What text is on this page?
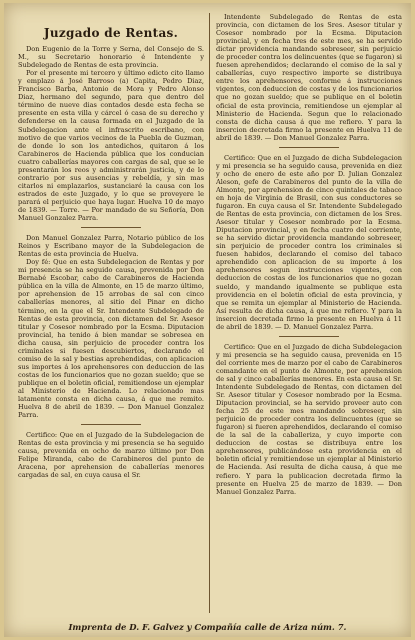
Juzgado de Rentas.

Don Eugenio de la Torre y Serna, del Consejo de S. M., su Secretario honorario é Intendente y Subdelegado de Rentas de esta provincia.

Por el presente mi tercero y último edicto cito llamo y emplazo á José Barroso (a) Capita, Pedro Diaz, Francisco Barba, Antonio de Mora y Pedro Alonso Diaz, hermano del segundo, para que dentro del término de nueve dias contados desde esta fecha se presente en esta villa y cárcel ó casa de su derecho y defenderse en la causa formada en el Juzgado de la Subdelegacion ante el infrascrito escribano, con motivo de que varios vecinos de la Puebla de Guzman, de donde lo son los antedichos, quitaron á los Carabineros de Hacienda pública que los conducian cuatro caballerías mayores con cargas de sal, que se le presentarán los reos y administrarán justicia, y de lo contrario por sus ausencias y rebeldía, y sin mas citarlos ni emplazarlos, sustanciaré la causa con los estrados de este Juzgado, y lo que se proveyere le parará el perjuicio que haya lugar. Huelva 10 de mayo de 1839. — Torre. — Por mandado de su Señoría, Don Manuel Gonzalez Parra.

Don Manuel Gonzalez Parra, Notario público de los Reinos y Escribano mayor de la Subdelegacion de Rentas de esta provincia de Huelva.

Doy fé: Que en esta Subdelegacion de Rentas y por mi presencia se ha seguido causa, prevenida por Don Bernabé Escobar, cabo de Carabineros de Hacienda pública en la villa de Almonte, en 15 de marzo último, por aprehension de 15 arrobas de sal con cinco caballerías menores, al sitio del Pinar en dicho término, en la que el Sr. Intendente Subdelegado de Rentas de esta provincia, con dictamen del Sr. Asesor titular y Cosesor nombrado por la Ecsma. Diputacion provincial, ha tenido á bien mandar se sobresea en dicha causa, sin perjuicio de proceder contra los criminales si fuesen descubiertos, declarando el comiso de la sal y bestias aprehendidas, con aplicacion sus importes á los aprehensores con deduccion de las costas de los funcionarios que no gozan sueldo; que se publique en el boletin oficial, remitiendose un ejemplar al Ministerio de Hacienda. Lo relacionado mas latamente consta en dicha causa, á que me remito. Huelva 8 de abril de 1839. — Don Manuel Gonzalez Parra.

Certifico: Que en el Juzgado de la Subdelegacion de Rentas de esta provincia y mi presencia se ha seguido causa, prevenida en ocho de marzo último por Don Felipe Miranda, cabo de Carabineros del punto de Aracena, por aprehension de caballerías menores cargadas de sal, en cuya causa el Sr.

Intendente Subdelegado de Rentas de esta provincia, con dictamen de los Sres. Asesor titular y Cosesor nombrado por la Ecsma. Diputacion provincial, y en fecha tres de este mes, se ha servido dictar providencia mandando sobreseer, sin perjuicio de proceder contra los delincuentes (que se fugaron) si fuesen aprehendidos; declarando el comiso de la sal y caballerías, cuyo respectivo importe se distribuya entre los aprehensores, conforme á instrucciones vigentes, con deduccion de costas y de los funcionarios que no gozan sueldo; que se publique en el boletin oficial de esta provincia, remitiendose un ejemplar al Ministerio de Hacienda. Segun que lo relacionado consta de dicha causa á que me refiero. Y para la insercion decretada firmo la presente en Huelva 11 de abril de 1839. — Don Manuel Gonzalez Parra.

Certifico: Que en el Juzgado de dicha Subdelegacion y mi presencia se ha seguido causa, prevenida en diez y ocho de enero de este año por D. Julian Gonzalez Aleson, gefe de Carabineros del punto de la villa de Almonte, por aprehension de cinco quintales de tabaco en hoja de Virginia de Brasil, con sus conductores se fugaron. En cuya causa el Sr. Intendente Subdelegado de Rentas de esta provincia, con dictamen de los Sres. Asesor titular y Cosesor nombrado por la Ecsma. Diputacion provincial, y en fecha cuatro del corriente, se ha servido dictar providencia mandando sobreseer, sin perjuicio de proceder contra los criminales si fuesen habidos, declarando el comiso del tabaco aprehendido con aplicacion de su importe á los aprehensores segun instrucciones vigentes, con deduccion de costas de los funcionarios que no gozan sueldo, y mandando igualmente se publique esta providencia en el boletin oficial de esta provincia, y que se remita un ejemplar al Ministerio de Hacienda. Así resulta de dicha causa, á que me refiero. Y para la insercion decretada firmo la presente en Huelva á 11 de abril de 1839. — D. Manuel Gonzalez Parra.

Certifico: Que en el Juzgado de dicha Subdelegacion y mi presencia se ha seguido causa, prevenida en 15 del corriente mes de marzo por el cabo de Carabineros comandante en el punto de Almonte, por aprehension de sal y cinco caballerías menores. En esta causa el Sr. Intendente Subdelegado de Rentas, con dictamen del Sr. Asesor titular y Cosesor nombrado por la Ecsma. Diputacion provincial, se ha servido proveer auto con fecha 25 de este mes mandando sobreseer, sin perjuicio de proceder contra los delincuentes (que se fugaron) si fueren aprehendidos, declarando el comiso de la sal de la caballeriza, y cuyo importe con deduccion de costas se distribuya entre los aprehensores, publicándose esta providencia en el boletin oficial y remitiendose un ejemplar al Ministerio de Hacienda. Así resulta de dicha causa, á que me refiero. Y para la publicacion decretada firmo la presente en Huelva 25 de marzo de 1839. — Don Manuel Gonzalez Parra.

Imprenta de D. F. Galvez y Compañía calle de Ariza núm. 7.
